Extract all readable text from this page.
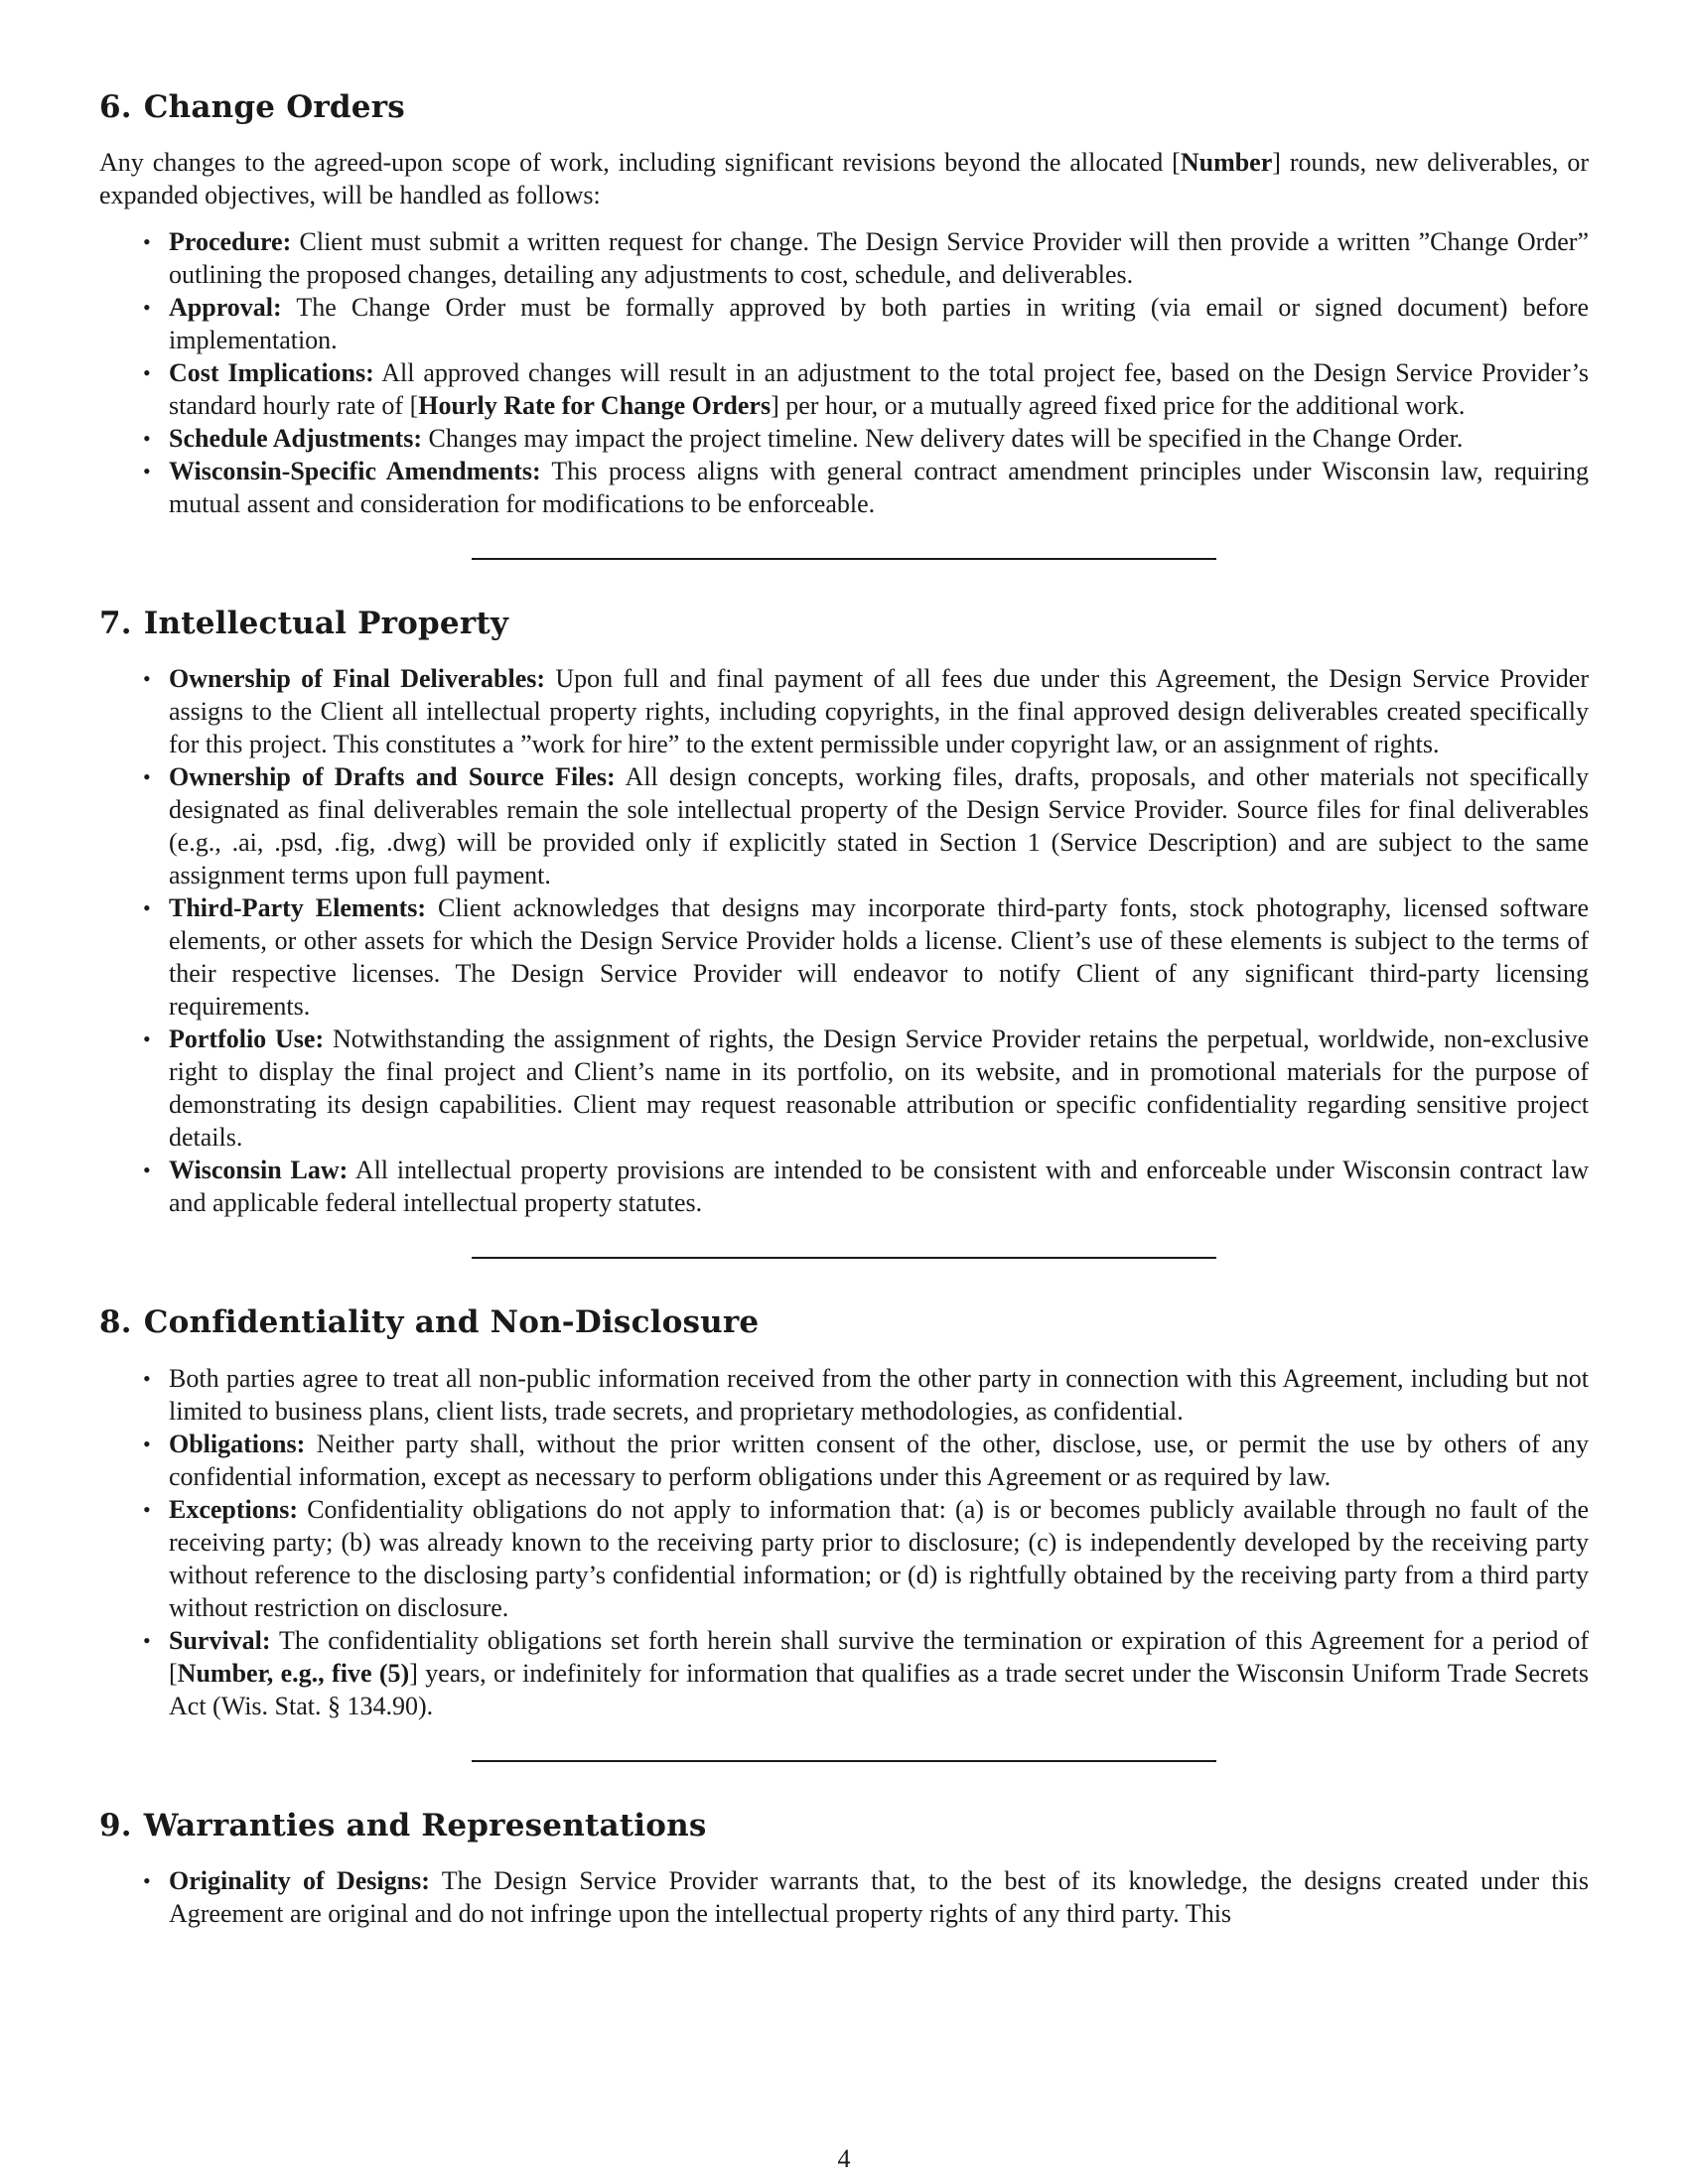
6. Change Orders

Any changes to the agreed-upon scope of work, including significant revisions beyond the allocated [Number] rounds, new deliverables, or expanded objectives, will be handled as follows:

• Procedure: Client must submit a written request for change. The Design Service Provider will then provide a written ”Change Order” outlining the proposed changes, detailing any adjustments to cost, schedule, and deliverables.
• Approval: The Change Order must be formally approved by both parties in writing (via email or signed document) before implementation.
• Cost Implications: All approved changes will result in an adjustment to the total project fee, based on the Design Service Provider’s standard hourly rate of [Hourly Rate for Change Orders] per hour, or a mutually agreed fixed price for the additional work.
• Schedule Adjustments: Changes may impact the project timeline. New delivery dates will be specified in the Change Order.
• Wisconsin-Specific Amendments: This process aligns with general contract amendment principles under Wisconsin law, requiring mutual assent and consideration for modifications to be enforceable.
7. Intellectual Property
• Ownership of Final Deliverables: Upon full and final payment of all fees due under this Agreement, the Design Service Provider assigns to the Client all intellectual property rights, including copyrights, in the final approved design deliverables created specifically for this project. This constitutes a ”work for hire” to the extent permissible under copyright law, or an assignment of rights.
• Ownership of Drafts and Source Files: All design concepts, working files, drafts, proposals, and other materials not specifically designated as final deliverables remain the sole intellectual property of the Design Service Provider. Source files for final deliverables (e.g., .ai, .psd, .fig, .dwg) will be provided only if explicitly stated in Section 1 (Service Description) and are subject to the same assignment terms upon full payment.
• Third-Party Elements: Client acknowledges that designs may incorporate third-party fonts, stock photography, licensed software elements, or other assets for which the Design Service Provider holds a license. Client’s use of these elements is subject to the terms of their respective licenses. The Design Service Provider will endeavor to notify Client of any significant third-party licensing requirements.
• Portfolio Use: Notwithstanding the assignment of rights, the Design Service Provider retains the perpetual, worldwide, non-exclusive right to display the final project and Client’s name in its portfolio, on its website, and in promotional materials for the purpose of demonstrating its design capabilities. Client may request reasonable attribution or specific confidentiality regarding sensitive project details.
• Wisconsin Law: All intellectual property provisions are intended to be consistent with and enforceable under Wisconsin contract law and applicable federal intellectual property statutes.
8. Confidentiality and Non-Disclosure
• Both parties agree to treat all non-public information received from the other party in connection with this Agreement, including but not limited to business plans, client lists, trade secrets, and proprietary methodologies, as confidential.
• Obligations: Neither party shall, without the prior written consent of the other, disclose, use, or permit the use by others of any confidential information, except as necessary to perform obligations under this Agreement or as required by law.
• Exceptions: Confidentiality obligations do not apply to information that: (a) is or becomes publicly available through no fault of the receiving party; (b) was already known to the receiving party prior to disclosure; (c) is independently developed by the receiving party without reference to the disclosing party’s confidential information; or (d) is rightfully obtained by the receiving party from a third party without restriction on disclosure.
• Survival: The confidentiality obligations set forth herein shall survive the termination or expiration of this Agreement for a period of [Number, e.g., five (5)] years, or indefinitely for information that qualifies as a trade secret under the Wisconsin Uniform Trade Secrets Act (Wis. Stat. § 134.90).
9. Warranties and Representations
• Originality of Designs: The Design Service Provider warrants that, to the best of its knowledge, the designs created under this Agreement are original and do not infringe upon the intellectual property rights of any third party. This
4
